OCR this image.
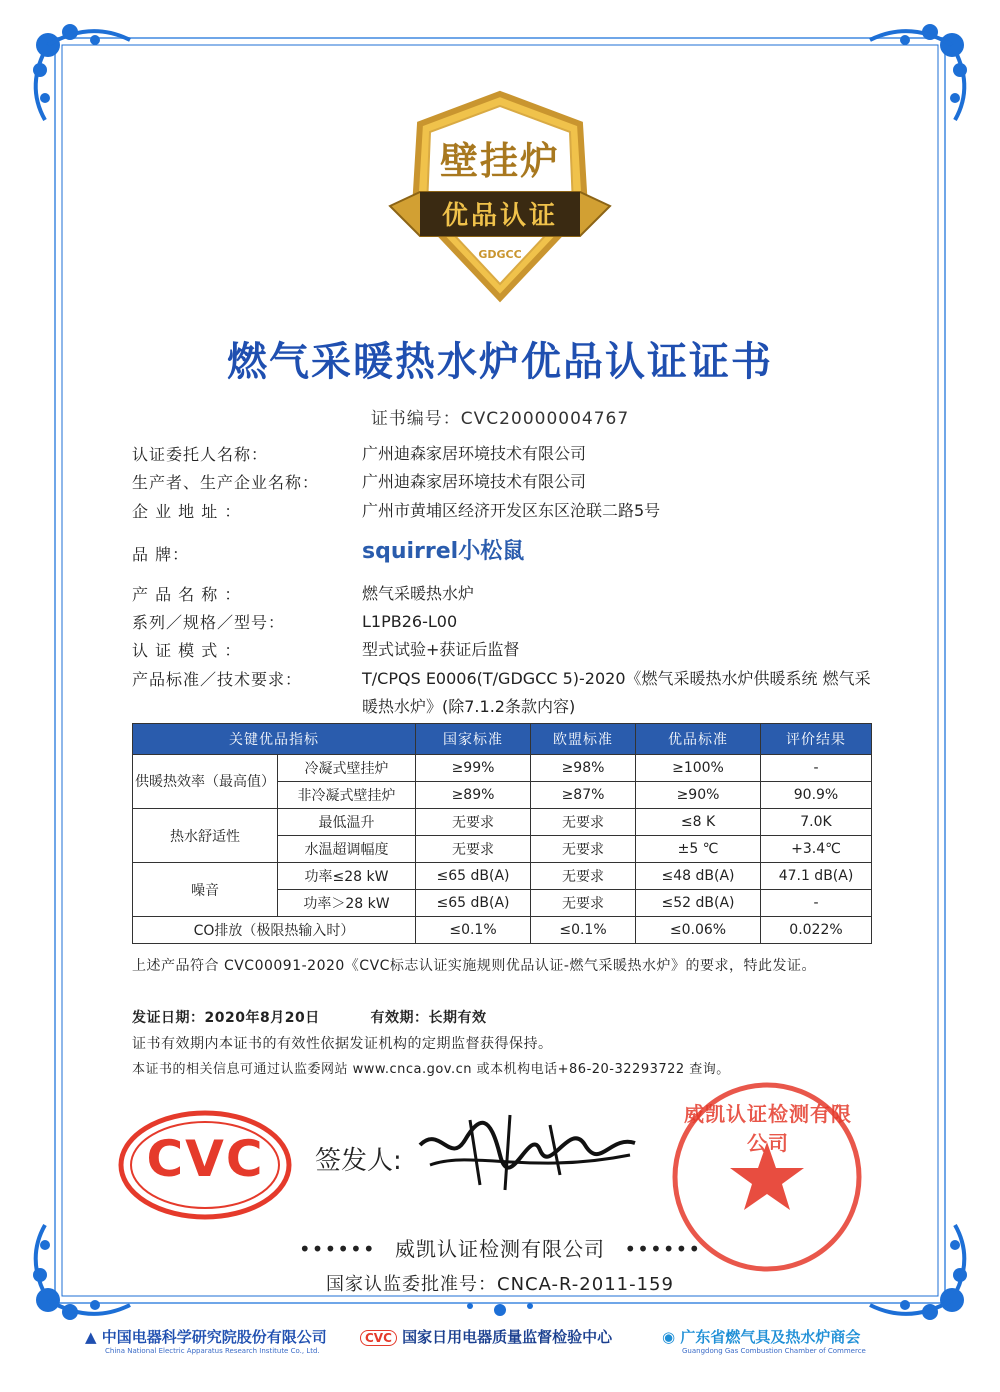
壁挂炉
优品认证
GDGCC
燃气采暖热水炉优品认证证书
证书编号：CVC20000004767
认证委托人名称：	广州迪森家居环境技术有限公司
生产者、生产企业名称：	广州迪森家居环境技术有限公司
企 业 地 址 ：	广州市黄埔区经济开发区东区沧联二路5号
品 牌：	squirrel小松鼠
产 品 名 称 ：	燃气采暖热水炉
系列／规格／型号：	L1PB26-L00
认 证 模 式 ：	型式试验+获证后监督
产品标准／技术要求：	T/CPQS E0006(T/GDGCC 5)-2020《燃气采暖热水炉供暖系统 燃气采暖热水炉》(除7.1.2条款内容)
关键优品指标		国家标准	欧盟标准	优品标准	评价结果
供暖热效率（最高值）	冷凝式壁挂炉	≥99%	≥98%	≥100%	-
	非冷凝式壁挂炉	≥89%	≥87%	≥90%	90.9%
热水舒适性	最低温升	无要求	无要求	≤8 K	7.0K
	水温超调幅度	无要求	无要求	±5 ℃	+3.4℃
噪音	功率≤28 kW	≤65 dB(A)	无要求	≤48 dB(A)	47.1 dB(A)
	功率＞28 kW	≤65 dB(A)	无要求	≤52 dB(A)	-
CO排放（极限热输入时）		≤0.1%	≤0.1%	≤0.06%	0.022%
上述产品符合 CVC00091-2020《CVC标志认证实施规则优品认证-燃气采暖热水炉》的要求，特此发证。
发证日期：2020年8月20日	有效期：长期有效
证书有效期内本证书的有效性依据发证机构的定期监督获得保持。
本证书的相关信息可通过认监委网站 www.cnca.gov.cn 或本机构电话+86-20-32293722 查询。
CVC	签发人:
威凯认证检测有限公司
•••••• 威凯认证检测有限公司 ••••••
国家认监委批准号：CNCA-R-2011-159
▲ 中国电器科学研究院股份有限公司
China National Electric Apparatus Research Institute Co., Ltd.
CVC 国家日用电器质量监督检验中心	◉ 广东省燃气具及热水炉商会
Guangdong Gas Combustion Chamber of Commerce
